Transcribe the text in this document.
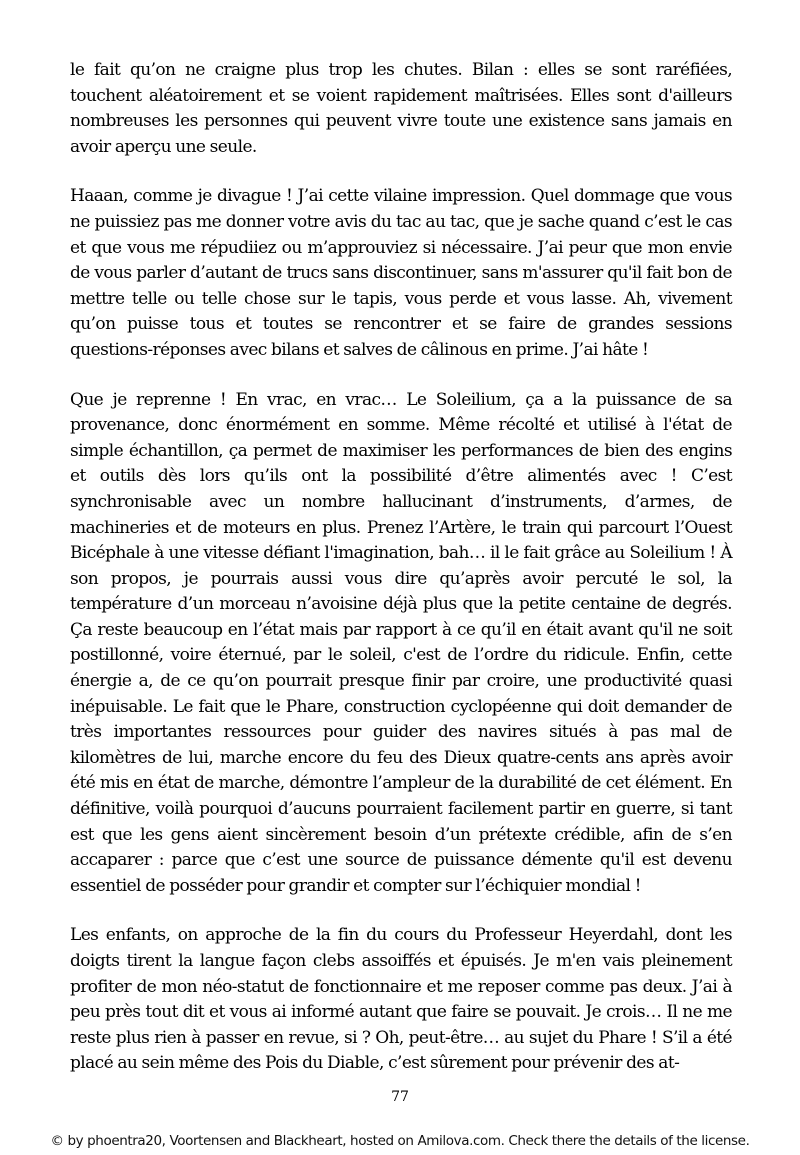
le fait qu’on ne craigne plus trop les chutes. Bilan : elles se sont raréfiées, touchent aléatoirement et se voient rapidement maîtrisées. Elles sont d'ailleurs nombreuses les personnes qui peuvent vivre toute une existence sans jamais en avoir aperçu une seule.

Haaan, comme je divague ! J’ai cette vilaine impression. Quel dommage que vous ne puissiez pas me donner votre avis du tac au tac, que je sache quand c’est le cas et que vous me répudiiez ou m’approuviez si nécessaire. J’ai peur que mon envie de vous parler d’autant de trucs sans discontinuer, sans m'assurer qu'il fait bon de mettre telle ou telle chose sur le tapis, vous perde et vous lasse. Ah, vivement qu’on puisse tous et toutes se rencontrer et se faire de grandes sessions questions-réponses avec bilans et salves de câlinous en prime. J’ai hâte !

Que je reprenne ! En vrac, en vrac… Le Soleilium, ça a la puissance de sa provenance, donc énormément en somme. Même récolté et utilisé à l'état de simple échantillon, ça permet de maximiser les performances de bien des engins et outils dès lors qu’ils ont la possibilité d’être alimentés avec ! C’est synchronisable avec un nombre hallucinant d’instruments, d’armes, de machineries et de moteurs en plus. Prenez l’Artère, le train qui parcourt l’Ouest Bicéphale à une vitesse défiant l'imagination, bah… il le fait grâce au Soleilium ! À son propos, je pourrais aussi vous dire qu’après avoir percuté le sol, la température d’un morceau n’avoisine déjà plus que la petite centaine de degrés. Ça reste beaucoup en l’état mais par rapport à ce qu’il en était avant qu'il ne soit postillonné, voire éternué, par le soleil, c'est de l’ordre du ridicule. Enfin, cette énergie a, de ce qu’on pourrait presque finir par croire, une productivité quasi inépuisable. Le fait que le Phare, construction cyclopéenne qui doit demander de très importantes ressources pour guider des navires situés à pas mal de kilomètres de lui, marche encore du feu des Dieux quatre-cents ans après avoir été mis en état de marche, démontre l’ampleur de la durabilité de cet élément. En définitive, voilà pourquoi d’aucuns pourraient facilement partir en guerre, si tant est que les gens aient sincèrement besoin d’un prétexte crédible, afin de s’en accaparer : parce que c’est une source de puissance démente qu'il est devenu essentiel de posséder pour grandir et compter sur l’échiquier mondial !

Les enfants, on approche de la fin du cours du Professeur Heyerdahl, dont les doigts tirent la langue façon clebs assoiffés et épuisés. Je m'en vais pleinement profiter de mon néo-statut de fonctionnaire et me reposer comme pas deux. J’ai à peu près tout dit et vous ai informé autant que faire se pouvait. Je crois… Il ne me reste plus rien à passer en revue, si ? Oh, peut-être… au sujet du Phare ! S’il a été placé au sein même des Pois du Diable, c’est sûrement pour prévenir des at-

77
© by phoentra20, Voortensen and Blackheart, hosted on Amilova.com. Check there the details of the license.
